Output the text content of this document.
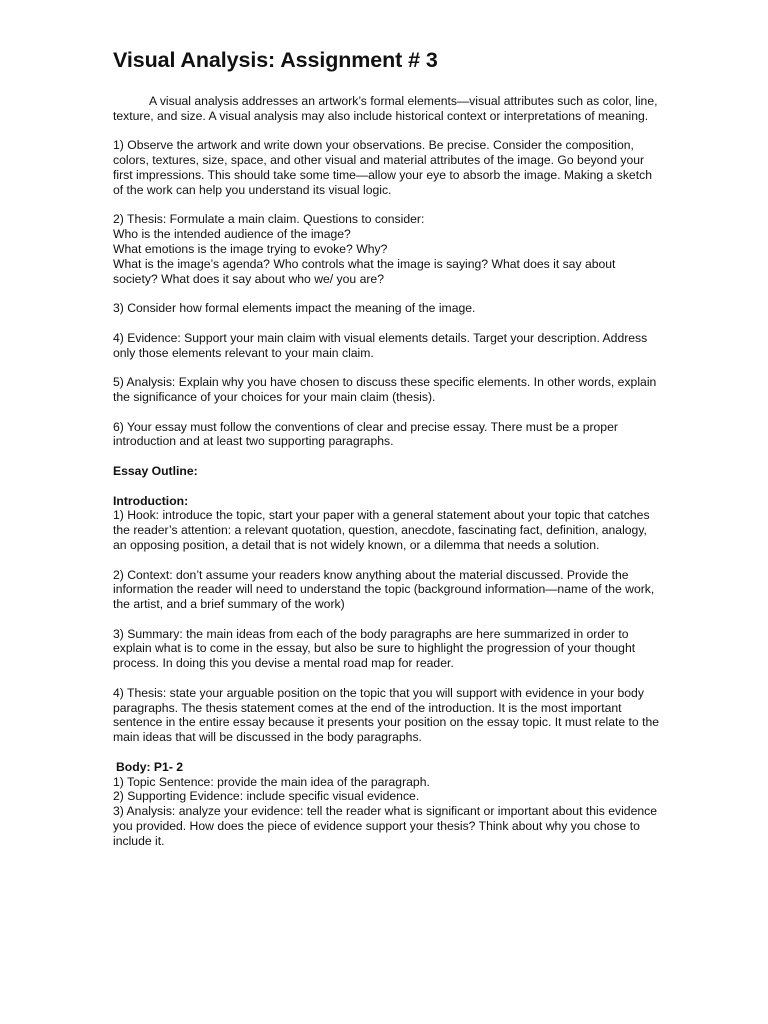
Visual Analysis: Assignment # 3

A visual analysis addresses an artwork’s formal elements—visual attributes such as color, line, texture, and size. A visual analysis may also include historical context or interpretations of meaning.

1) Observe the artwork and write down your observations. Be precise. Consider the composition, colors, textures, size, space, and other visual and material attributes of the image. Go beyond your first impressions. This should take some time—allow your eye to absorb the image. Making a sketch of the work can help you understand its visual logic.

2) Thesis: Formulate a main claim. Questions to consider:
Who is the intended audience of the image?
What emotions is the image trying to evoke? Why?
What is the image’s agenda? Who controls what the image is saying? What does it say about society? What does it say about who we/ you are?

3) Consider how formal elements impact the meaning of the image.

4) Evidence: Support your main claim with visual elements details. Target your description. Address only those elements relevant to your main claim.

5) Analysis: Explain why you have chosen to discuss these specific elements. In other words, explain the significance of your choices for your main claim (thesis).

6) Your essay must follow the conventions of clear and precise essay. There must be a proper introduction and at least two supporting paragraphs.

Essay Outline:

Introduction:
1) Hook: introduce the topic, start your paper with a general statement about your topic that catches the reader’s attention: a relevant quotation, question, anecdote, fascinating fact, definition, analogy, an opposing position, a detail that is not widely known, or a dilemma that needs a solution.

2) Context: don’t assume your readers know anything about the material discussed. Provide the information the reader will need to understand the topic (background information—name of the work, the artist, and a brief summary of the work)

3) Summary: the main ideas from each of the body paragraphs are here summarized in order to explain what is to come in the essay, but also be sure to highlight the progression of your thought process. In doing this you devise a mental road map for reader.

4) Thesis: state your arguable position on the topic that you will support with evidence in your body paragraphs. The thesis statement comes at the end of the introduction. It is the most important sentence in the entire essay because it presents your position on the essay topic. It must relate to the main ideas that will be discussed in the body paragraphs.

Body: P1- 2
1) Topic Sentence: provide the main idea of the paragraph.
2) Supporting Evidence: include specific visual evidence.
3) Analysis: analyze your evidence: tell the reader what is significant or important about this evidence you provided. How does the piece of evidence support your thesis? Think about why you chose to include it.
